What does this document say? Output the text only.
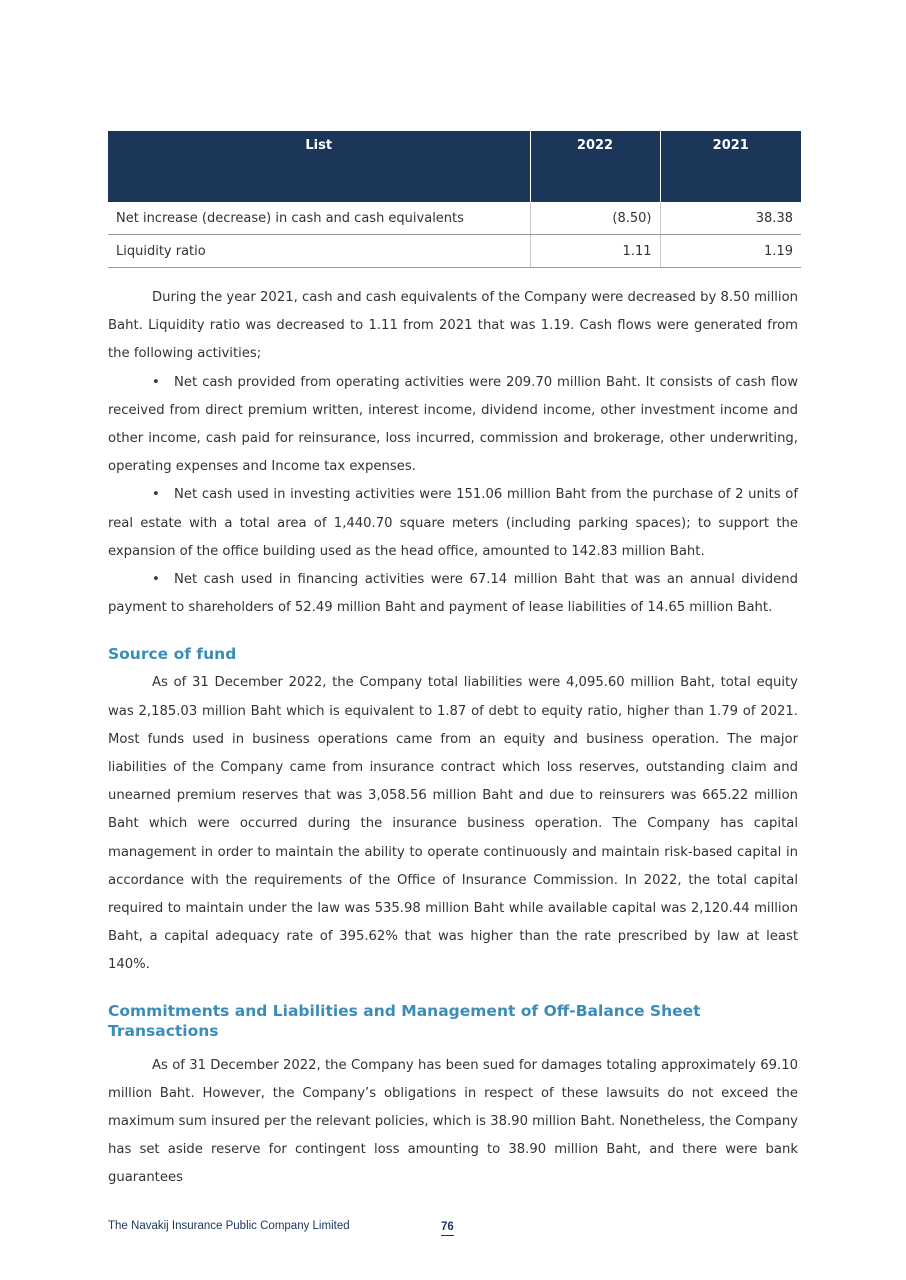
List	2022	2021
Net increase (decrease) in cash and cash equivalents	(8.50)	38.38
Liquidity ratio	1.11	1.19

During the year 2021, cash and cash equivalents of the Company were decreased by 8.50 million Baht. Liquidity ratio was decreased to 1.11 from 2021 that was 1.19. Cash flows were generated from the following activities;

• Net cash provided from operating activities were 209.70 million Baht. It consists of cash flow received from direct premium written, interest income, dividend income, other investment income and other income, cash paid for reinsurance, loss incurred, commission and brokerage, other underwriting, operating expenses and Income tax expenses.

• Net cash used in investing activities were 151.06 million Baht from the purchase of 2 units of real estate with a total area of 1,440.70 square meters (including parking spaces); to support the expansion of the office building used as the head office, amounted to 142.83 million Baht.

• Net cash used in financing activities were 67.14 million Baht that was an annual dividend payment to shareholders of 52.49 million Baht and payment of lease liabilities of 14.65 million Baht.

Source of fund

As of 31 December 2022, the Company total liabilities were 4,095.60 million Baht, total equity was 2,185.03 million Baht which is equivalent to 1.87 of debt to equity ratio, higher than 1.79 of 2021. Most funds used in business operations came from an equity and business operation. The major liabilities of the Company came from insurance contract which loss reserves, outstanding claim and unearned premium reserves that was 3,058.56 million Baht and due to reinsurers was 665.22 million Baht which were occurred during the insurance business operation. The Company has capital management in order to maintain the ability to operate continuously and maintain risk-based capital in accordance with the requirements of the Office of Insurance Commission. In 2022, the total capital required to maintain under the law was 535.98 million Baht while available capital was 2,120.44 million Baht, a capital adequacy rate of 395.62% that was higher than the rate prescribed by law at least 140%.

Commitments and Liabilities and Management of Off-Balance Sheet Transactions

As of 31 December 2022, the Company has been sued for damages totaling approximately 69.10 million Baht. However, the Company’s obligations in respect of these lawsuits do not exceed the maximum sum insured per the relevant policies, which is 38.90 million Baht. Nonetheless, the Company has set aside reserve for contingent loss amounting to 38.90 million Baht, and there were bank guarantees

The Navakij Insurance Public Company Limited	76
